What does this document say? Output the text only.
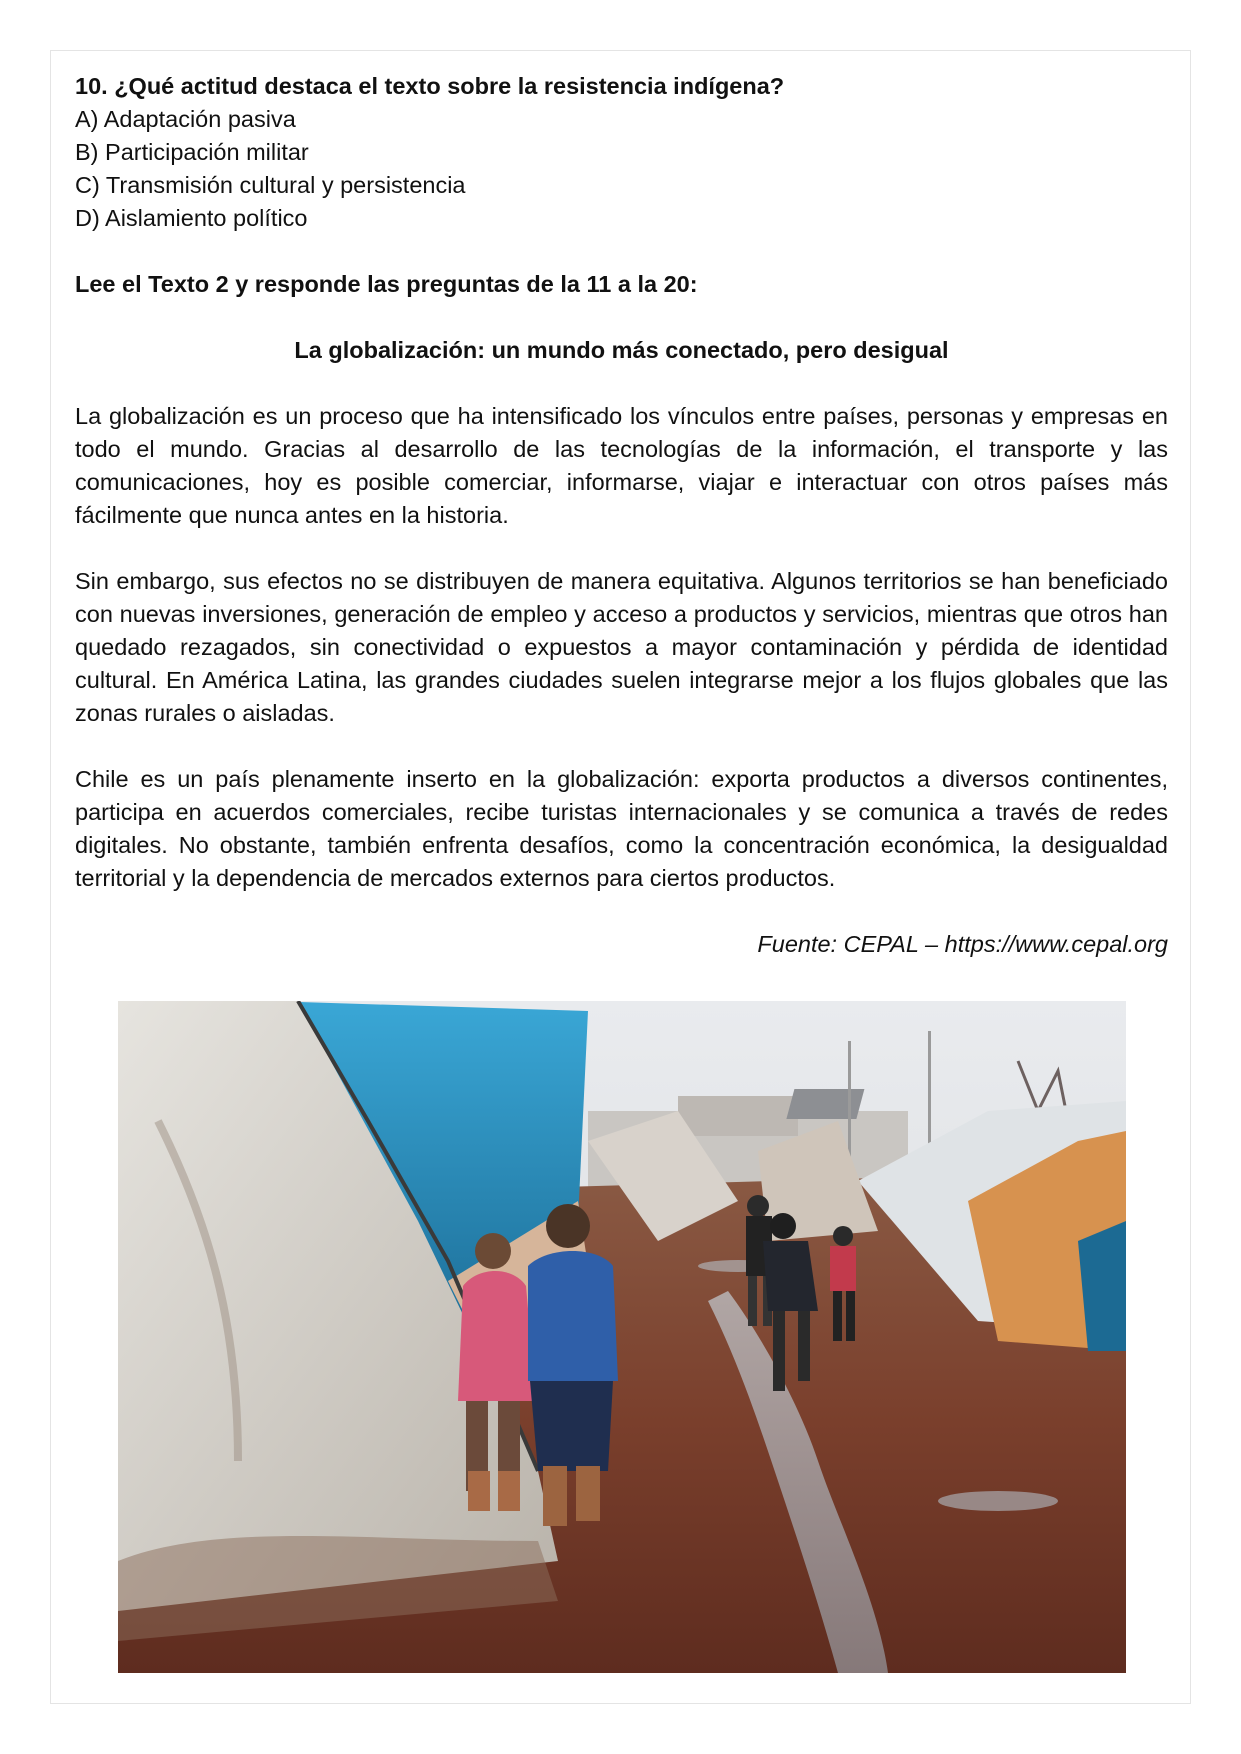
10. ¿Qué actitud destaca el texto sobre la resistencia indígena?

A) Adaptación pasiva

B) Participación militar

C) Transmisión cultural y persistencia

D) Aislamiento político

Lee el Texto 2 y responde las preguntas de la 11 a la 20:

La globalización: un mundo más conectado, pero desigual

La globalización es un proceso que ha intensificado los vínculos entre países, personas y empresas en todo el mundo. Gracias al desarrollo de las tecnologías de la información, el transporte y las comunicaciones, hoy es posible comerciar, informarse, viajar e interactuar con otros países más fácilmente que nunca antes en la historia.

Sin embargo, sus efectos no se distribuyen de manera equitativa. Algunos territorios se han beneficiado con nuevas inversiones, generación de empleo y acceso a productos y servicios, mientras que otros han quedado rezagados, sin conectividad o expuestos a mayor contaminación y pérdida de identidad cultural. En América Latina, las grandes ciudades suelen integrarse mejor a los flujos globales que las zonas rurales o aisladas.

Chile es un país plenamente inserto en la globalización: exporta productos a diversos continentes, participa en acuerdos comerciales, recibe turistas internacionales y se comunica a través de redes digitales. No obstante, también enfrenta desafíos, como la concentración económica, la desigualdad territorial y la dependencia de mercados externos para ciertos productos.

Fuente: CEPAL – https://www.cepal.org
